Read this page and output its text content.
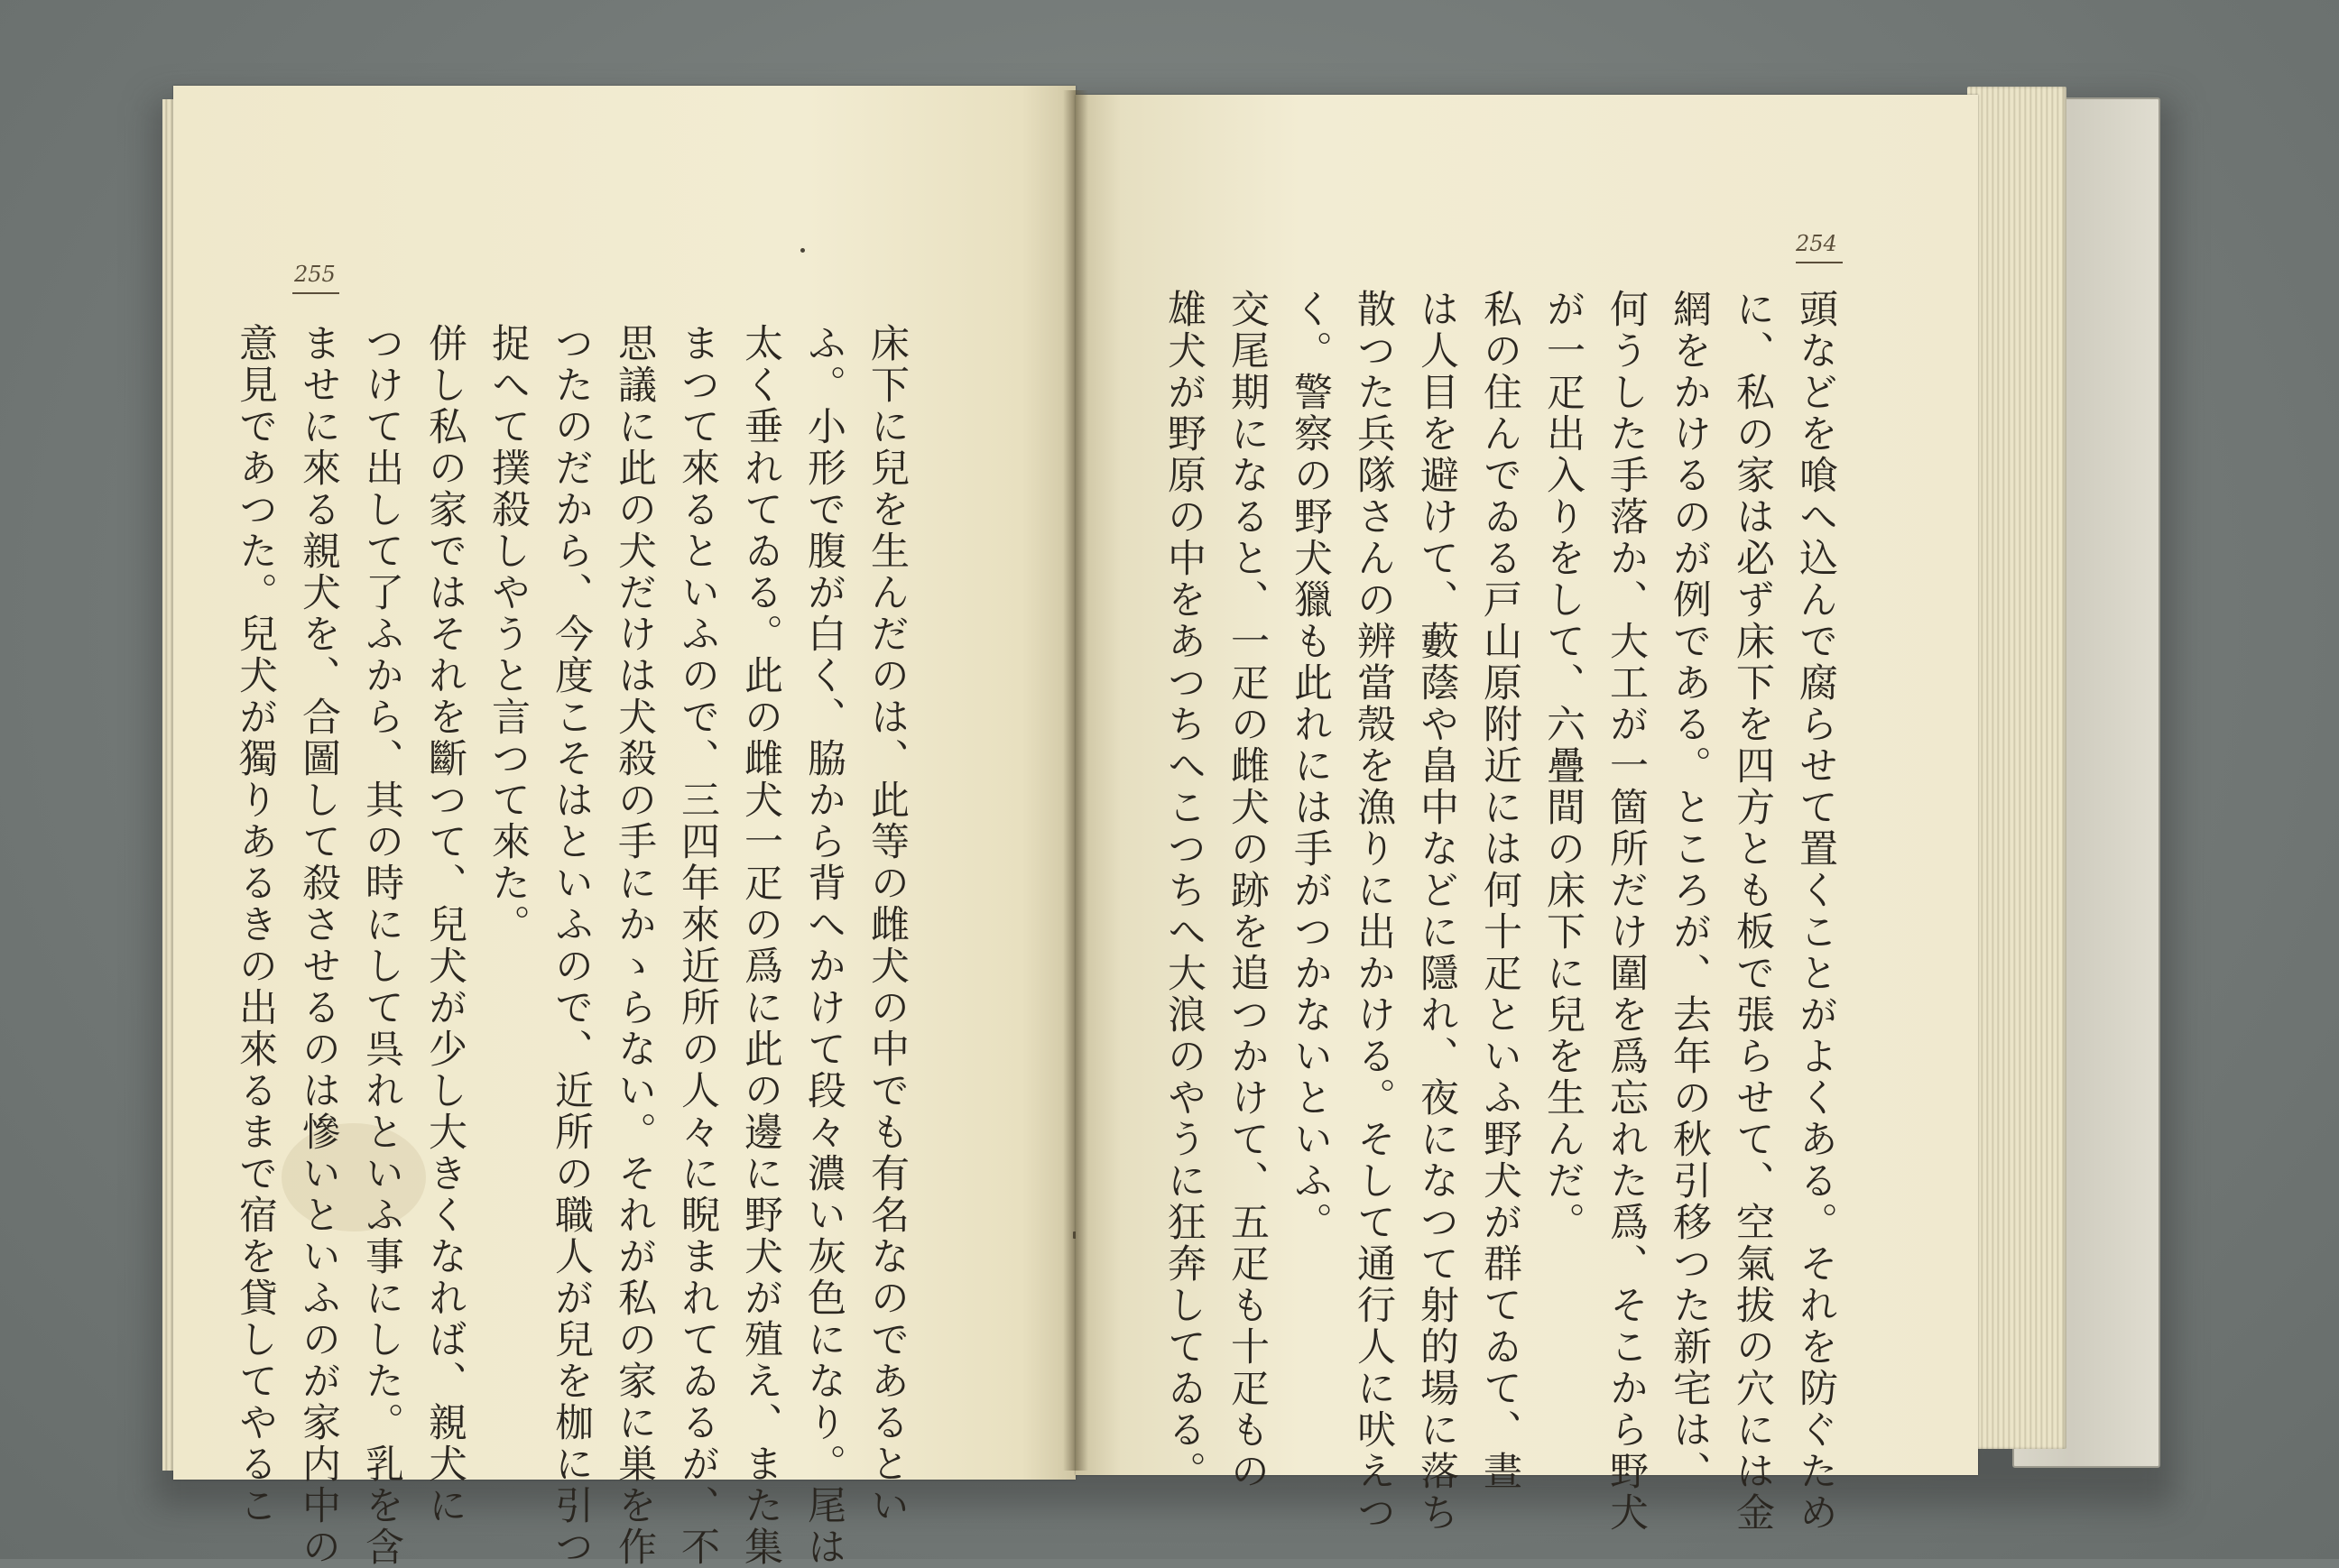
255
254
床下に兒を生んだのは、此等の雌犬の中でも有名なのであるとい
ふ。小形で腹が白く、脇から背へかけて段々濃い灰色になり。尾は
太く垂れてゐる。此の雌犬一疋の爲に此の邊に野犬が殖え、また集
まつて來るといふので、三四年來近所の人々に睨まれてゐるが、不
思議に此の犬だけは犬殺の手にかゝらない。それが私の家に巣を作
つたのだから、今度こそはといふので、近所の職人が兒を枷に引つ
捉へて撲殺しやうと言つて來た。
併し私の家ではそれを斷つて、兒犬が少し大きくなれば、親犬に
つけて出して了ふから、其の時にして呉れといふ事にした。乳を含
ませに來る親犬を、合圖して殺させるのは慘いといふのが家内中の
意見であつた。兒犬が獨りあるきの出來るまで宿を貸してやるこ	頭などを喰へ込んで腐らせて置くことがよくある。それを防ぐため
に、私の家は必ず床下を四方とも板で張らせて、空氣拔の穴には金
網をかけるのが例である。ところが、去年の秋引移つた新宅は、
何うした手落か、大工が一箇所だけ圍を爲忘れた爲、そこから野犬
が一疋出入りをして、六疊間の床下に兒を生んだ。
私の住んでゐる戸山原附近には何十疋といふ野犬が群てゐて、晝
は人目を避けて、藪蔭や畠中などに隱れ、夜になつて射的場に落ち
散つた兵隊さんの辨當殼を漁りに出かける。そして通行人に吠えつ
く。警察の野犬獵も此れには手がつかないといふ。
交尾期になると、一疋の雌犬の跡を追つかけて、五疋も十疋もの
雄犬が野原の中をあつちへこつちへ大浪のやうに狂奔してゐる。
